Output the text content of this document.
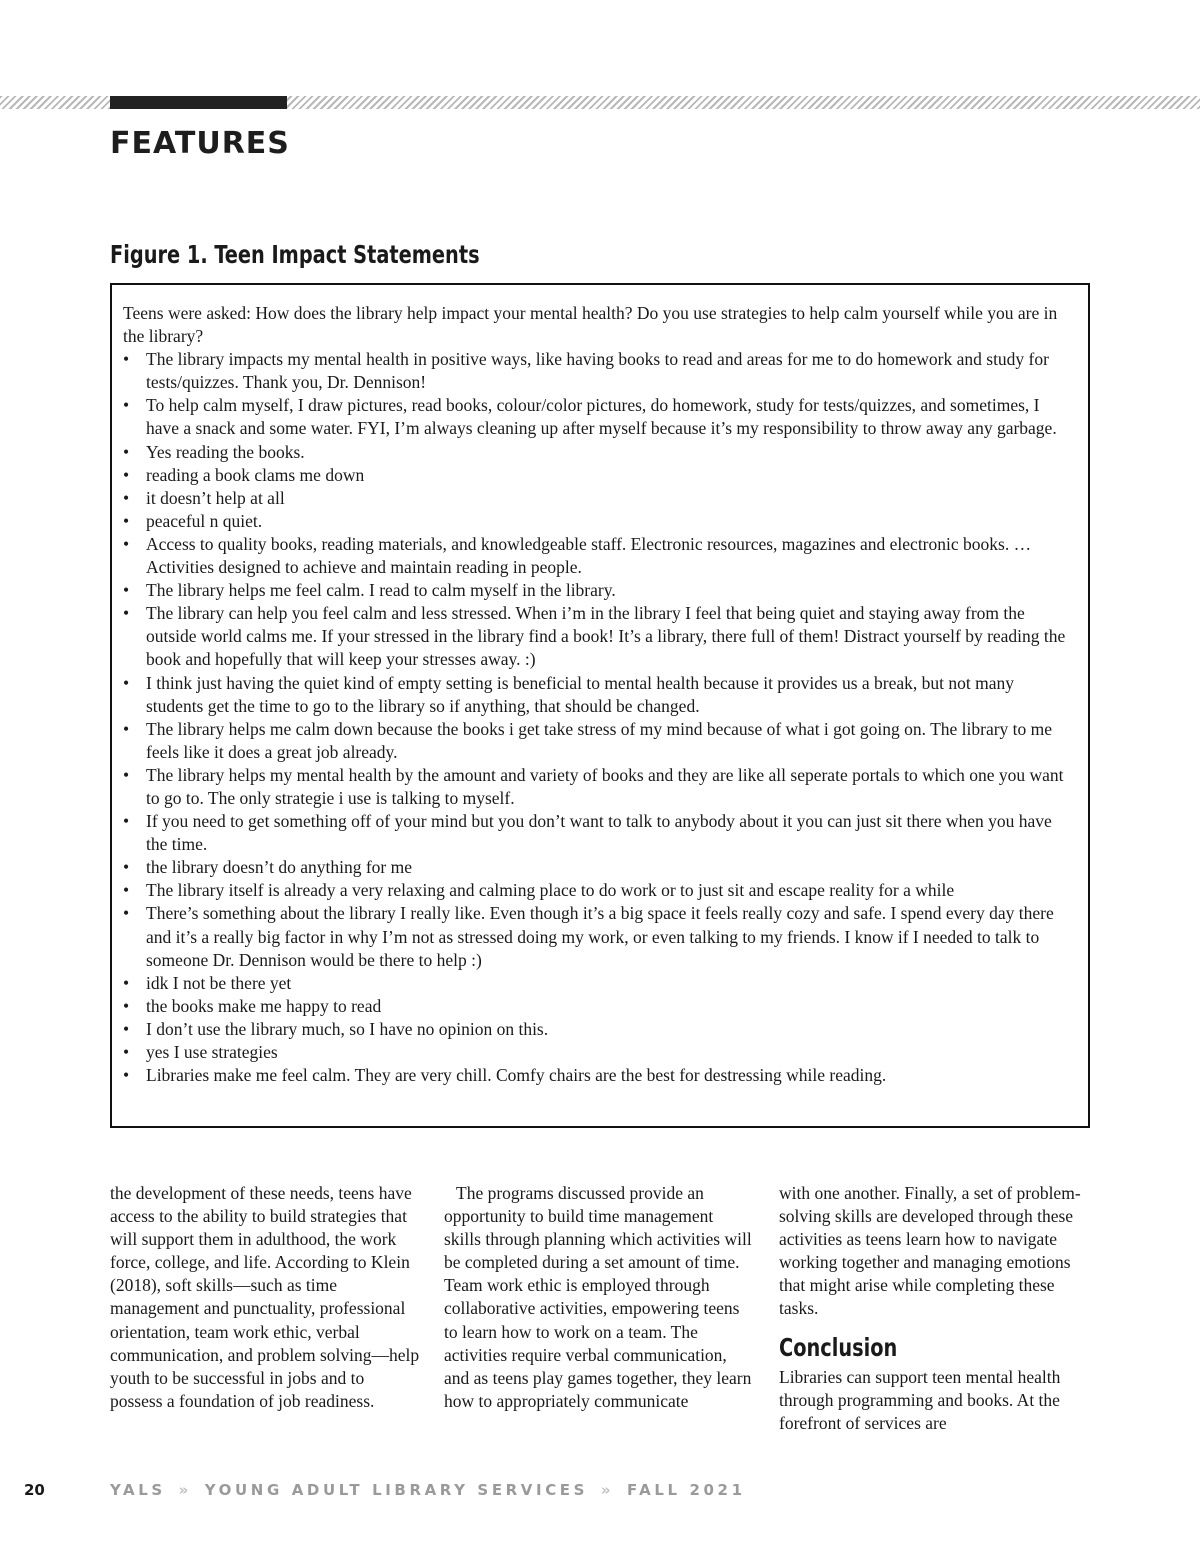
FEATURES
Figure 1. Teen Impact Statements

Teens were asked: How does the library help impact your mental health? Do you use strategies to help calm yourself while you are in the library?

• The library impacts my mental health in positive ways, like having books to read and areas for me to do homework and study for tests/quizzes. Thank you, Dr. Dennison!
• To help calm myself, I draw pictures, read books, colour/color pictures, do homework, study for tests/quizzes, and sometimes, I have a snack and some water. FYI, I’m always cleaning up after myself because it’s my responsibility to throw away any garbage.
• Yes reading the books.
• reading a book clams me down
• it doesn’t help at all
• peaceful n quiet.
• Access to quality books, reading materials, and knowledgeable staff. Electronic resources, magazines and electronic books. … Activities designed to achieve and maintain reading in people.
• The library helps me feel calm. I read to calm myself in the library.
• The library can help you feel calm and less stressed. When i’m in the library I feel that being quiet and staying away from the outside world calms me. If your stressed in the library find a book! It’s a library, there full of them! Distract yourself by reading the book and hopefully that will keep your stresses away. :)
• I think just having the quiet kind of empty setting is beneficial to mental health because it provides us a break, but not many students get the time to go to the library so if anything, that should be changed.
• The library helps me calm down because the books i get take stress of my mind because of what i got going on. The library to me feels like it does a great job already.
• The library helps my mental health by the amount and variety of books and they are like all seperate portals to which one you want to go to. The only strategie i use is talking to myself.
• If you need to get something off of your mind but you don’t want to talk to anybody about it you can just sit there when you have the time.
• the library doesn’t do anything for me
• The library itself is already a very relaxing and calming place to do work or to just sit and escape reality for a while
• There’s something about the library I really like. Even though it’s a big space it feels really cozy and safe. I spend every day there and it’s a really big factor in why I’m not as stressed doing my work, or even talking to my friends. I know if I needed to talk to someone Dr. Dennison would be there to help :)
• idk I not be there yet
• the books make me happy to read
• I don’t use the library much, so I have no opinion on this.
• yes I use strategies
• Libraries make me feel calm. They are very chill. Comfy chairs are the best for destressing while reading.

the development of these needs, teens have access to the ability to build strategies that will support them in adulthood, the work force, college, and life. According to Klein (2018), soft skills—such as time management and punctuality, professional orientation, team work ethic, verbal communication, and problem solving—help youth to be successful in jobs and to possess a foundation of job readiness.

The programs discussed provide an opportunity to build time management skills through planning which activities will be completed during a set amount of time. Team work ethic is employed through collaborative activities, empowering teens to learn how to work on a team. The activities require verbal communication, and as teens play games together, they learn how to appropriately communicate

with one another. Finally, a set of problem-solving skills are developed through these activities as teens learn how to navigate working together and managing emotions that might arise while completing these tasks.

Conclusion

Libraries can support teen mental health through programming and books. At the forefront of services are

20	YALS » YOUNG ADULT LIBRARY SERVICES » FALL 2021
